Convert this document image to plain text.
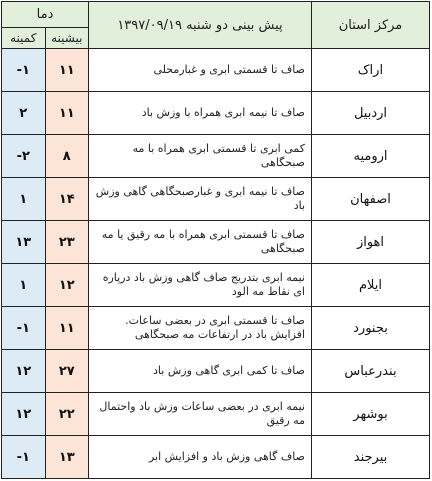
مرکز استان	پیش بینی دو شنبه ۱۳۹۷/۰۹/۱۹	دما	
		بیشینه	کمینه
اراک	صاف تا قسمتی ابری و غبارمحلی	۱۱	-۱
اردبیل	صاف تا نیمه ابری همراه با وزش باد	۱۱	۲
ارومیه	کمی ابری تا قسمتی ابری همراه با مه صبحگاهی	۸	-۲
اصفهان	صاف تا نیمه ابری و غبارصبحگاهی گاهی وزش باد	۱۴	۱
اهواز	صاف تا قسمتی ابری همراه با مه رقیق یا مه صبحگاهی	۲۳	۱۳
ایلام	نیمه ابری بتدریج صاف گاهی وزش باد درپاره ای نقاط مه الود	۱۲	۱
بجنورد	صاف تا قسمتی ابری در بعضی ساعات. افزایش باد در ارتفاعات مه صبحگاهی	۱۱	-۱
بندرعباس	صاف تا کمی ابری گاهی وزش باد	۲۷	۱۲
بوشهر	نیمه ابری در بعضی ساعات وزش باد واحتمال مه رقیق	۲۲	۱۲
بیرجند	صاف گاهی وزش باد و افزایش ابر	۱۳	-۱
